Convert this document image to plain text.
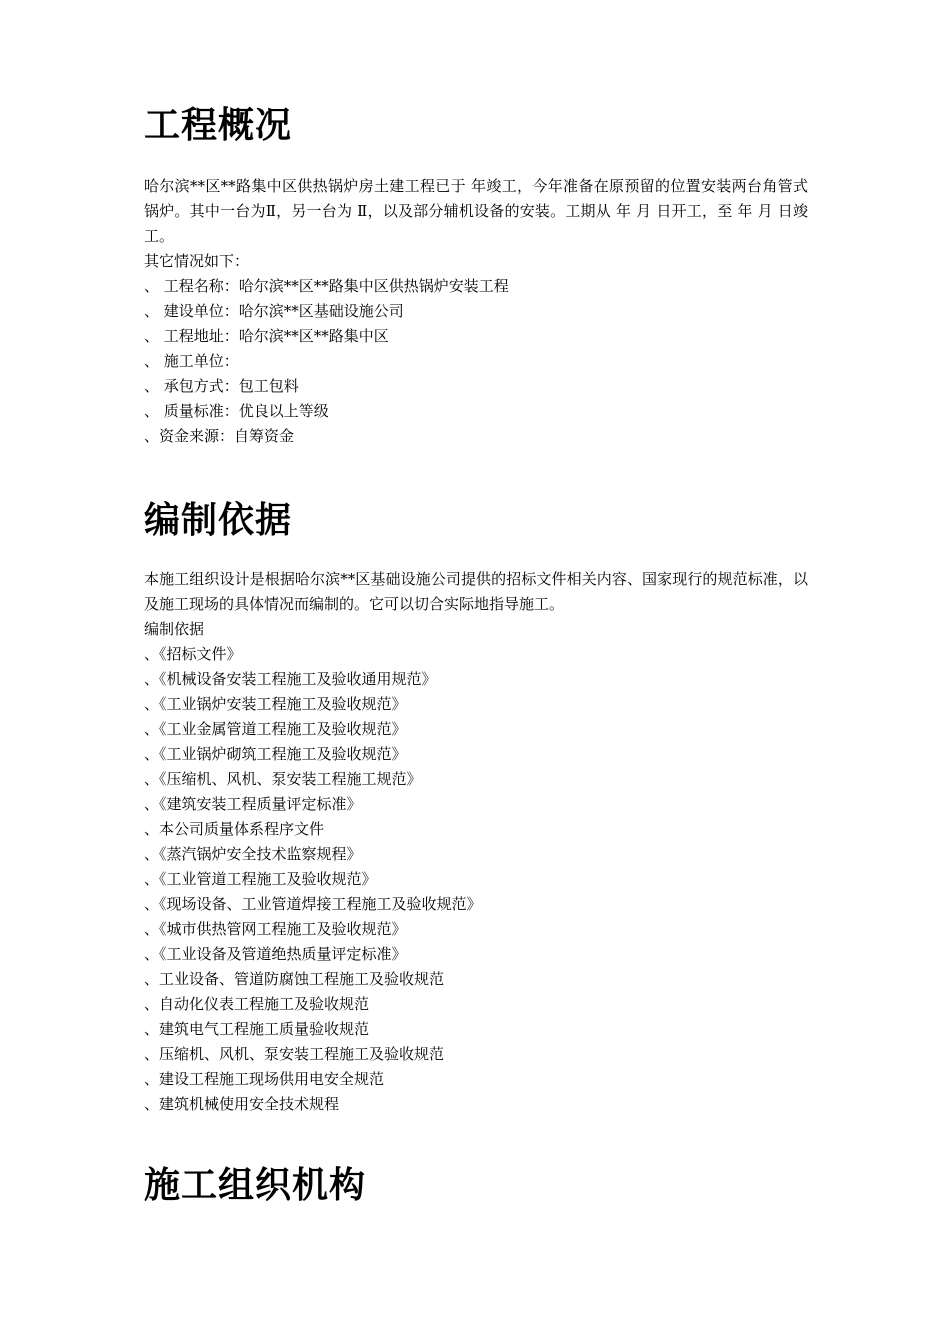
工程概况

哈尔滨**区**路集中区供热锅炉房土建工程已于 年竣工，今年准备在原预留的位置安装两台角管式锅炉。其中一台为Ⅱ，另一台为 Ⅱ，以及部分辅机设备的安装。工期从 年 月 日开工，至 年 月 日竣工。

其它情况如下：
、 工程名称：哈尔滨**区**路集中区供热锅炉安装工程
、 建设单位：哈尔滨**区基础设施公司
、 工程地址：哈尔滨**区**路集中区
、 施工单位：
、 承包方式：包工包料
、 质量标准：优良以上等级
、资金来源：自筹资金
编制依据

本施工组织设计是根据哈尔滨**区基础设施公司提供的招标文件相关内容、国家现行的规范标准，以及施工现场的具体情况而编制的。它可以切合实际地指导施工。

编制依据
、《招标文件》
、《机械设备安装工程施工及验收通用规范》
、《工业锅炉安装工程施工及验收规范》
、《工业金属管道工程施工及验收规范》
、《工业锅炉砌筑工程施工及验收规范》
、《压缩机、风机、泵安装工程施工规范》
、《建筑安装工程质量评定标准》
、本公司质量体系程序文件
、《蒸汽锅炉安全技术监察规程》
、《工业管道工程施工及验收规范》
、《现场设备、工业管道焊接工程施工及验收规范》
、《城市供热管网工程施工及验收规范》
、《工业设备及管道绝热质量评定标准》
、工业设备、管道防腐蚀工程施工及验收规范
、自动化仪表工程施工及验收规范
、建筑电气工程施工质量验收规范
、压缩机、风机、泵安装工程施工及验收规范
、建设工程施工现场供用电安全规范
、建筑机械使用安全技术规程
施工组织机构
